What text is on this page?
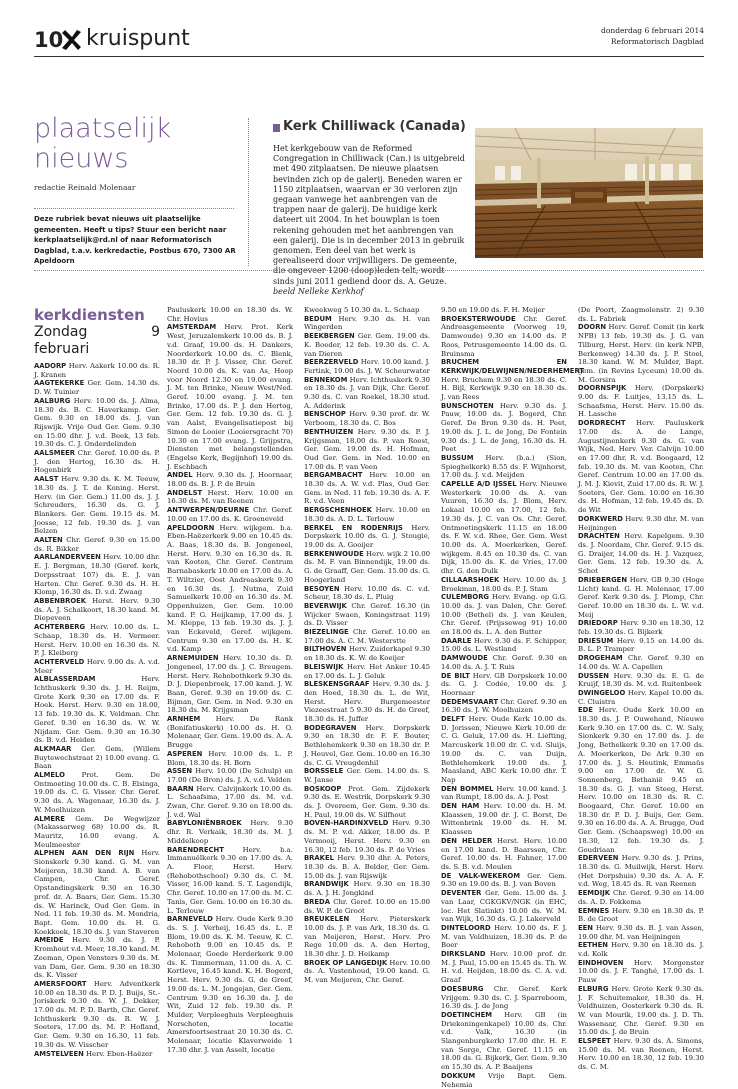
10 kruispunt	donderdag 6 februari 2014
Reformatorisch Dagblad
plaatselijk nieuws
redactie Reinald Molenaar
Deze rubriek bevat nieuws uit plaatselijke gemeenten. Heeft u tips? Stuur een bericht naar kerkplaatselijk@rd.nl of naar Reformatorisch Dagblad, t.a.v. kerkredactie, Postbus 670, 7300 AR Apeldoorn
Kerk Chilliwack (Canada)
Het kerkgebouw van de Reformed Congregation in Chilliwack (Can.) is uitgebreid met 490 zitplaatsen. De nieuwe plaatsen bevinden zich op de galerij. Beneden waren er 1150 zitplaatsen, waarvan er 30 verloren zijn gegaan vanwege het aanbrengen van de trappen naar de galerij. De huidige kerk dateert uit 2004. In het bouwplan is toen rekening gehouden met het aanbrengen van een galerij. Die is in december 2013 in gebruik genomen. Een deel van het werk is gerealiseerd door vrijwilligers. De gemeente, die ongeveer 1200 (doop)leden telt, wordt sinds juni 2011 gediend door ds. A. Geuze. beeld Nelleke Kerkhof
kerkdiensten
Zondag 9 februari
AADORP Herv. Aakerk 10.00 ds. R. J. Kranen
AAGTEKERKE Ger. Gem. 14.30 ds. D. W. Tuinier
AALBURG Herv. 10.00 ds. J. Alma, 18.30 ds. B. C. Haverkamp. Ger. Gem. 9.30 en 18.00 ds. J. van Rijswijk. Vrije Oud Ger. Gem. 9.30 en 15.00 dhr. J. v.d. Beek, 13 feb. 19.30 ds. C. J. Onderdelinden
AALSMEER Chr. Geref. 10.00 ds. P. J. den Hertog, 16.30 ds. H. Hogenbirk
AALST Herv. 9.30 ds. K. M. Teeuw, 18.30 ds. J. T. de Koning. Herst. Herv. (in Ger. Gem.) 11.00 ds. J. J. Schreuders, 16.30 ds. G. J. Blankers. Ger. Gem. 19.15 ds. M. Joosse, 12 feb. 19.30 ds. J. van Belzen
AALTEN Chr. Geref. 9.30 en 15.00 ds. R. Bikker
AARLANDERVEEN Herv. 10.00 dhr. E. J. Bergman, 18.30 (Geref. kerk, Dorpsstraat 107) ds. E. J. van Harten. Chr. Geref. 9.30 ds. H. H. Klomp, 16.30 ds. D. v.d. Zwaag
ABBENBROEK Herst. Herv. 9.30 ds. A. J. Schalkoort, 18.30 kand. M. Diepeveen
ACHTERBERG Herv. 10.00 ds. L. Schaap, 18.30 ds. H. Vermeer. Herst. Herv. 10.00 en 16.30 ds. N. P. J. Kleiberg
ACHTERVELD Herv. 9.00 ds. A. v.d. Meer
ALBLASSERDAM	Herv. Ichthuskerk 9.30 ds. J. H. Reijm, Grote Kerk 9.30 en 17.00 ds. F. Hoek. Herst. Herv. 9.30 en 18.00, 13 feb. 19.30 ds. K. Veldman. Chr. Geref. 9.30 en 16.30 ds. W. W. Nijdam. Ger. Gem. 9.30 en 16.30 ds. B. v.d. Heiden
ALKMAAR Ger. Gem. (Willem Buytewechstraat 2) 10.00 evang. G. Baan
ALMELO Prot. Gem. De Ontmoeting 10.00 ds. C. B. Elsinga, 19.00 ds. C. G. Visser. Chr. Geref. 9.30 ds. A. Wagenaar, 16.30 ds. J. W. Moolhuizen
ALMERE Gem. De Wegwijzer (Makassarweg 68) 10.00 ds. R. Mauritz, 16.00 evang. A. Meulmeester
ALPHEN AAN DEN RIJN Herv. Sionskerk 9.30 kand. G. M. van Meijeren, 18.30 kand. A. B. van Campen, Chr. Geref. Opstandingskerk 9.30 en 16.30 prof. dr. A. Baars, Ger. Gem. 15.30 ds. W. Harinck, Oud Ger. Gem. in Ned. 11 feb. 19.30 ds. M. Mondria, Bapt. Gem. 10.00 ds. H. G. Koekkoek, 18.30 ds. J. van Staveren
AMEIDE Herv. 9.30 ds. J. P. Kromhout v.d. Meer, 18.30 kand. M. Zeeman, Open Vensters 9.30 ds. M. van Dam, Ger. Gem. 9.30 en 18.30 ds. K. Visser
AMERSFOORT Herv. Adventkerk 10.00 en 18.30 ds. P. D. J. Buijs, St.-Joriskerk 9.30 ds. W. J. Dekker, 17.00 ds. M. P. D. Barth, Chr. Geref. Ichthuskerk 9.30 ds. R. W. J. Soeters, 17.00 ds. M. P. Hofland, Ger. Gem. 9.30 en 16.30, 11 feb. 19.30 ds. W. Visscher
AMSTELVEEN Herv. Eben-Haëzer
Pauluskerk 10.00 en 18.30 ds. W. Chr. Hovius
AMSTERDAM Herv. Prot. Kerk West, Jeruzalemkerk 10.00 ds. B. J. v.d. Graaf, 19.00 ds. H. Dankers, Noorderkerk 10.00 ds. C. Blenk, 18.30 dr. P. J. Visser, Chr. Geref. Noord 10.00 ds. K. van As, Hoop voor Noord 12.30 en 19.00 evang. J. M. ten Brinke, Nieuw West/Ned. Geref. 10.00 evang. J. M. ten Brinke, 17.00 ds. P. J. den Hertog, Ger. Gem. 12 feb. 19.30 ds. G. J. van Aalst, Evangelisatiepost bij Simon de Looier (Looiersgracht 70) 10.30 en 17.00 evang. J. Grijpstra, Diensten met belangstellenden (Engelse Kerk, Begijnhof) 19.00 ds. J. Eschbach
ANDEL Herv. 9.30 ds. J. Hoornaar, 18.00 ds. B. J. P. de Bruin
ANDELST Herst. Herv. 10.00 en 16.30 ds. M. van Reenen
ANTWERPEN/DEURNE Chr. Geref. 10.00 en 17.00 ds. K. Groeneveld
APELDOORN Herv. wijkgem. b.a. Eben-Haëzerkerk 9.00 en 10.45 ds. A. Baas, 18.30 ds. B. Jongeneel, Herst. Herv. 9.30 en 16.30 ds. R. van Kooten, Chr. Geref. Centrum Barnabaskerk 10.00 en 17.00 ds. A. T. Wiltzier, Oost Andreaskerk 9.30 en 16.30 ds. J. Nutma, Zuid Samuelkerk 10.00 en 16.30 ds. M. Oppenhuizen, Ger. Gem. 10.00 kand. P. G. Heijkamp, 17.00 ds. J. M. Kleppe, 13 feb. 19.30 ds. J. J. van Eckeveld, Geref. wijkgem. Centrum 9.30 en 17.00 ds. H. K. v.d. Kamp
ARNEMUIDEN Herv. 10.30 ds. D. Jongeneel, 17.00 ds. J. C. Breugem. Herst. Herv. Rehobothkerk 9.30 ds. D. J. Diepenbroek, 17.00 kand. J. W. Baan, Geref. 9.30 en 19.00 ds. C. Bijman, Ger. Gem. in Ned. 9.30 en 18.30 ds. M. Krijgsman
ARNHEM Herv. De Rank (Bonifatiuskerk) 10.00 ds. H. O. Molenaar, Ger. Gem. 19.00 ds. A. A. Brugge
ASPEREN Herv. 10.00 ds. L. P. Blom, 18.30 ds. H. Born
ASSEN Herv. 10.00 (De Schulp) en 17.00 (De Bron) ds. J. A. v.d. Velden
BAARN Herv. Calvijnkerk 10.00 ds. L. Schaafsma, 17.00 ds. M. v.d. Zwan, Chr. Geref. 9.30 en 18.00 ds. J. v.d. Wal
BABYLONIËNBROEK Herv. 9.30 dhr. R. Verkaik, 18.30 ds. M. J. Middelkoop
BARENDRECHT	Herv. b.a. Immanuëlkerk 9.30 en 17.00 ds. A. A. Floor, Herst. Herv. (Rehobothschool) 9.30 ds. C. M. Visser, 16.00 kand. S. T. Lagendijk, Chr. Geref. 10.00 en 17.00 ds. M. C. Tanis, Ger. Gem. 10.00 en 16.30 ds. L. Terlouw
BARNEVELD Herv. Oude Kerk 9.30 ds. S. J. Verheij, 16.45 ds. L. P. Blom, 19.00 ds. K. M. Teeuw, K. C. Rehoboth 9.00 en 10.45 ds. P. Molenaar, Goede Herderkerk 9.00 ds. K. Timmerman, 11.00 ds. A. C. Kortleve, 16.45 kand. K. H. Bogerd, Herst. Herv. 9.30 ds. G. de Greef, 19.00 ds. L. M. Jongejan, Ger. Gem. Centrum 9.30 en 16.30 ds. J. de Wit, Zuid 12 feb. 19.30 ds. P. Mulder, Verpleeghuis Verpleeghuis Norschoten, locatie Amersfoortsestraat 20 10.30 ds. C. Molenaar, locatie Klaverweide 1 17.30 dhr. J. van Asselt, locatie
Kweekweg 5 10.30 ds. L. Schaap
BEDUM Herv. 9.30 ds. H. van Wingerden
BEEKBERGEN Ger. Gem. 19.00 ds. K. Boeder, 12 feb. 19.30 ds. C. A. van Dieren
BEERZERVELD Herv. 10.00 kand. J. Fertink, 19.00 ds. J. W. Scheurwater
BENNEKOM Herv. Ichthuskerk 9.30 en 18.30 ds. J. van Dijk, Chr. Geref. 9.30 ds. C. van Roekel, 18.30 stud. A. Adderink
BENSCHOP Herv. 9.30 prof. dr. W. Verboom, 18.30 ds. C. Bos
BENTHUIZEN Herv. 9.30 ds. P. J. Krijgsman, 18.00 ds. P. van Roest, Ger. Gem. 19.00 ds. H. Hofman, Oud Ger. Gem. in Ned. 10.00 en 17.00 ds. P. van Veen
BERGAMBACHT Herv. 10.00 en 18.30 ds. A. W. v.d. Plas, Oud Ger. Gem. in Ned. 11 feb. 19.30 ds. A. F. R. v.d. Veen
BERGSCHENHOEK Herv. 10.00 en 18.30 ds. A. D. L. Terlouw
BERKEL EN RODENRIJS Herv. Dorpskerk 10.00 ds. G. J. Stougie, 19.00 ds. A. Gooijer
BERKENWOUDE Herv. wijk 2 10.00 ds. M. F. van Binnendijk, 19.00 ds. G. de Graaff, Ger. Gem. 15.00 ds. G. Hoogerland
BESOYEN Herv. 10.00 ds. C. v.d. Scheur, 18.30 ds. L. Pluig
BEVERWIJK Chr. Geref. 16.30 (in Wijcker Swaen, Koningstraat 119) ds. D. Visser
BIEZELINGE Chr. Geref. 10.00 en 17.00 ds. A. C. M. Westerstte
BILTHOVEN Herv. Zuiderkapel 9.30 en 18.30 ds. K. W. de Koeijer
BLEISWIJK Herv. Het Anker 10.45 en 17.00 ds. L. J. Geluk
BLESKENSGRAAF Herv. 9.30 ds. J. den Hoed, 18.30 ds. L. de Wit, Herst. Herv. Burgemeester Viezeestraat 5 9.30 ds. H. de Greef, 18.30 ds. H. Juffer
BODEGRAVEN Herv. Dorpskerk 9.30 en 18.30 dr. F. F. Bouter, Bethlehemkerk 9.30 en 18.30 dr. P. J. Heuvel, Ger. Gem. 10.00 en 16.30 ds. C. G. Vreugdenhil
BORSSELE Ger. Gem. 14.00 ds. S. W. Janse
BOSKOOP Prot. Gem. Zijdekerk 9.30 ds. E. Westrik, Dorpskerk 9.30 ds. J. Overeem, Ger. Gem. 9.30 ds. H. Paul, 19.00 ds. W. Silfhout
BOVEN-HARDINXVELD Herv. 9.30 ds. M. P. v.d. Akker, 18.00 ds. P. Vermooij, Herst. Herv. 9.30 en 16.30, 12 feb. 19.30 ds. P. de Vries
BRAKEL Herv. 9.30 dhr. A. Peters, 18.30 ds. B. A. Belder, Ger. Gem. 15.00 ds. J. van Rijswijk
BRANDWIJK Herv. 9.30 en 18.30 ds. A. J. H. Jongkind
BREDA Chr. Geref. 10.00 en 15.00 ds. W. P. de Groot
BREUKELEN Herv. Pieterskerk 10.00 ds. J. P. van Ark, 18.30 ds. G. van Meijeren, Herst. Herv. Pro Rege 10.00 ds. A. den Hertog, 18.30 dhr. J. D. Heikamp
BROEK OP LANGEDIJK Herv. 10.00 ds. A. Vastenhoud, 19.00 kand. G. M. van Meijeren, Chr. Geref.
9.50 en 19.00 ds. F. H. Meijer
BROEKSTERWOUDE Chr. Geref. Andreasgemeente (Voorweg 19, Damwoude) 9.30 en 14.00 ds. P. Roos, Petrusgemeente 14.00 ds. G. Bruinsma
BRUCHEM EN KERKWIJK/DELWIJNEN/NEDERHEMERT Herv. Bruchem 9.30 en 18.30 ds. C. H. Bijl, Kerkwijk 9.30 en 18.30 ds. J. van Rees
BUNSCHOTEN Herv. 9.30 ds. J. Pauw, 19.00 ds. J. Bogerd, Chr. Geref. De Bron 9.30 ds. H. Peet, 19.00 ds. J. L. de Jong, De Fontein 9.30 ds. J. L. de Jong, 16.30 ds. H. Peet
BUSSUM Herv. (b.a.) (Sion, Spieghelkerk) 8.55 ds. F. Wijnhorst, 17.00 ds. J. v.d. Meijden
CAPELLE A/D IJSSEL Herv. Nieuwe Westerkerk 10.00 ds. A. van Vuuren, 16.30 ds. J. Blom, Herv. Lokaal 10.00 en 17.00, 12 feb. 19.30 ds. J. C. van Os. Chr. Geref. Ontmoetingskerk 11.15 en 18.00 ds. F. W. v.d. Rhee, Ger. Gem. West 10.00 ds. A. Moerkerken, Geref. wijkgem. 8.45 en 10.30 ds. C. van Dijk, 15.00 ds. K. de Vries, 17.00 dhr. G. den Dulk
CILLAARSHOEK Herv. 10.00 ds. J. Broekman, 18.00 ds. P. J. Stam
CULEMBORG Herv. Evang. op G.G. 10.00 ds. J. van Dalen, Chr. Geref. 10.00 (Bethel) ds. J. van Keulen, Chr. Geref. (Prijsseweg 91) 10.00 en 18.00 ds. L. A. den Butter
DAARLE Herv. 9.30 ds. F. Schipper, 15.00 ds. L. Westland
DAMWOUDE Chr. Geref. 9.30 en 14.00 ds. A. J. T. Ruis
DE BILT Herv. GB Dorpskerk 10.00 ds. G. J. Codée, 19.00 ds. J. Hoornaar
DEDEMSVAART Chr. Geref. 9.30 en 16.30 ds. J. W. Moolhuizen
DELFT Herv. Oude Kerk 10.00 ds. D. Jorissen, Nieuwe Kerk 10.00 dr. C. G. Geluk, 17.00 ds. H. Liefting, Marcuskerk 10.00 dr. C. v.d. Sluijs, 19.00 ds. C. van Duijn, Bethlehemkerk 19.00 ds. J. Maasland, ABC Kerk 10.00 dhr. T. Nap
DEN BOMMEL Herv. 10.00 kand. J. van Rumpt, 18.00 ds. A. J. Post
DEN HAM Herv. 10.00 ds. H. M. Klaassen, 19.00 dr. J. C. Borst, De Wittenbrink 19.00 ds. H. M. Klaassen
DEN HELDER Herst. Herv. 10.00 en 17.00 kand. D. Baarssen, Chr. Geref. 10.00 ds. H. Fahner, 17.00 ds. S. B. v.d. Meulen
DE VALK-WEKEROM Ger. Gem. 9.30 en 19.00 ds. B. J. van Boven
DEVENTER Ger. Gem. 15.00 ds. J. van Laar, CGKGKV/NGK (in EHC, loc. Het Slatinkt) 10.00 ds. W. M. van Wijk, 16.30 ds. G. J. Lakerveld
DINTELOORD Herv. 10.00 ds. F. J. M. van Veldhuizen, 18.30 ds. P. de Boer
DIRKSLAND Herv. 10.00 prof. dr. M. J. Paul, 15.00 en 15.45 ds. Th. W. H. v.d. Heijden, 18.00 ds. C. A. v.d. Graaf
DOESBURG Chr. Geref. Kerk Vrijgem. 9.30 ds. C. J. Sparreboom, 16.30 ds. J. de Jong
DOETINCHEM Herv. GB (in Driekoningenkapel) 10.00 ds. Chr. v.d. Valk, 16.30 (in Slangenburgkerk) 17.00 dhr. H. F. van Sorge, Chr. Geref. 11.15 en 18.00 ds. G. Bijkerk, Ger. Gem. 9.30 en 15.30 ds. A. P. Baaijens
DOKKUM Vrije Bapt. Gem. Nehemia
(De Poort, Zaagmolenstr. 2) 9.30 ds. L. Fabriek
DOORN Herv. Geref. Comit (in kerk NPB) 13 feb. 19.30 ds. J. G. van Tilburg, Herst. Herv. (in kerk NPB, Berkenweg) 14.30 ds. J. P. Stoel, 18.30 kand. W. M. Mulder, Bapt. gem. (in Revins Lyceum) 10.00 ds. M. Gorsira
DOORNSPIJK Herv. (Dorpskerk) 9.00 ds. F. Luitjes, 13.15 ds. L. Schaafsma, Herst. Herv. 15.00 ds. H. Lassche
DORDRECHT Herv. Pauluskerk 17.00 ds. A. de Lange, Augustijnenkerk 9.30 ds. G. van Wijk, Ned. Herv. Ver. Calvijn 10.00 en 17.00 dhr. R. v.d. Boogaard, 12 feb. 19.30 ds. M. van Kooten, Chr. Geref. Centrum 10.00 en 17.00 ds. J. M. J. Kievit, Zuid 17.00 ds. R. W. J. Soeters, Ger. Gem. 10.00 en 16.30 ds. H. Hofman, 12 feb. 19.45 ds. D. de Wit
DORKWERD Herv. 9.30 dhr. M. van Heijningen
DRACHTEN Herv. Kapelgem. 9.30 ds. J. Noordam, Chr. Geref. 9.15 ds. G. Draijer, 14.00 ds. H. J. Vazquez, Ger. Gem. 12 feb. 19.30 ds. A. Schot
DRIEBERGEN Herv. GB 9.30 (Hoge Licht) kand. G. H. Molenaar, 17.00 Geref. Kerk 9.30 ds. J. Plomp, Chr. Geref. 10.00 en 18.30 ds. L. W. v.d. Meij
DRIEDORP Herv. 9.30 en 18.30, 12 feb. 19.30 ds. G. Bijkerk
DRIESUM Herv. 9.15 en 14.00 ds. B. L. P. Tramper
DROGEHAM Chr. Geref. 9.30 en 14.00 ds. W. A. Capellen
DUSSEN Herv. 9.30 ds. E. G. de Kruijf, 18.30 ds. M. v.d. Ruitenbeek
DWINGELOO Herv. Kapel 10.00 ds. C. Cluistra
EDE Herv. Oude Kerk 10.00 en 18.30 ds. J. P. Ouwehand, Nieuwe Kerk 9.30 en 17.00 ds. C. W. Saly, Sionkerk 9.30 en 17.00 ds. J. de Jong, Bethelkerk 9.30 en 17.00 ds. A. Moerkerken, De Ark 9.30 en 17.00 ds. J. S. Heutink, Emmaüs 9.00 en 17.00 dr. W. G. Sonnenberg, Bethanië 9.45 en 18.30 ds. G. J. van Steeg, Herst. Herv. 10.00 en 18.30 ds. R. C. Boogaard, Chr. Geref. 10.00 en 18.30 dr. P. D. J. Buijs, Ger. Gem. 9.30 en 16.00 ds. A. A. Brugge, Oud Ger. Gem. (Schaapsweg) 10.00 en 18.30, 12 feb. 19.30 ds. J. Goudriaan
EDERVEEN Herv. 9.30 ds. J. Prins, 18.30 ds. G. Muilwijk, Herst. Herv. (Het Dorpshuis) 9.30 ds. A. A. F. v.d. Weg, 18.45 ds. R. van Reenen
EEMDIJK Chr. Geref. 9.30 en 14.00 ds. A. D. Fokkema
EEMNES Herv. 9.30 en 18.30 ds. P. B. de Groot
EEN Herv. 9.30 ds. B. J. van Assen, 19.00 dhr. M. van Heijningen
EETHEN Herv. 9.30 en 18.30 ds. J. v.d. Kolk
EINDHOVEN Herv. Morgenster 10.00 ds. J. F. Tanghé, 17.00 ds. I. Pauw
ELBURG Herv. Grote Kerk 9.30 ds. J. F. Schuitemaker, 18.30 ds. H. Veldhuizen, Oosterkerk 9.30 ds. R. W. van Mourik, 19.00 ds. J. D. Th. Wassenaar, Chr. Geref. 9.30 en 15.00 ds. J. de Bruin
ELSPEET Herv. 9.30 ds. A. Simons, 15.00 ds. M. van Reenen, Herst. Herv. 10.00 en 18.30, 12 feb. 19.30 ds. C. M.
